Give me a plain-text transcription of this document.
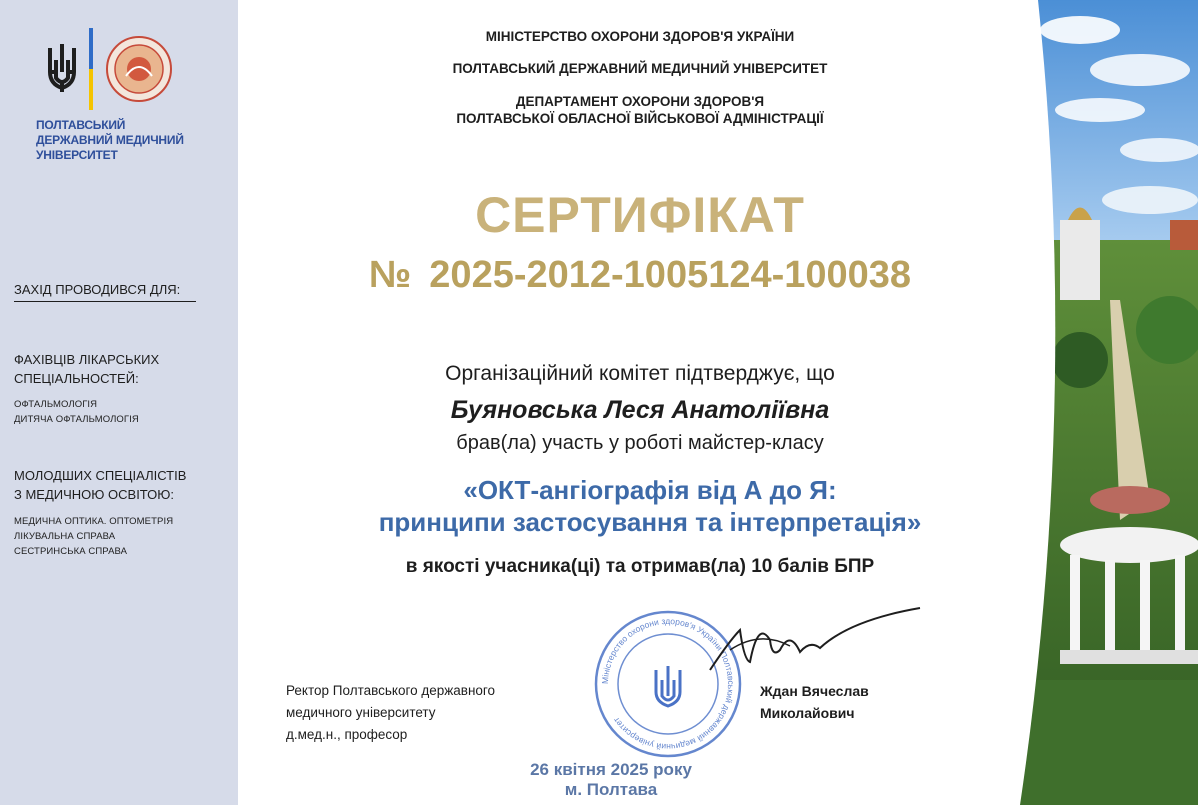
ПОЛТАВСЬКИЙ
ДЕРЖАВНИЙ МЕДИЧНИЙ
УНІВЕРСИТЕТ
ЗАХІД ПРОВОДИВСЯ ДЛЯ:
ФАХІВЦІВ ЛІКАРСЬКИХ
СПЕЦІАЛЬНОСТЕЙ:
ОФТАЛЬМОЛОГІЯ
ДИТЯЧА ОФТАЛЬМОЛОГІЯ
МОЛОДШИХ СПЕЦІАЛІСТІВ
З МЕДИЧНОЮ ОСВІТОЮ:
МЕДИЧНА ОПТИКА. ОПТОМЕТРІЯ
ЛІКУВАЛЬНА СПРАВА
СЕСТРИНСЬКА СПРАВА
МІНІСТЕРСТВО ОХОРОНИ ЗДОРОВ'Я УКРАЇНИ
ПОЛТАВСЬКИЙ ДЕРЖАВНИЙ МЕДИЧНИЙ УНІВЕРСИТЕТ
ДЕПАРТАМЕНТ ОХОРОНИ ЗДОРОВ'Я
ПОЛТАВСЬКОЇ ОБЛАСНОЇ ВІЙСЬКОВОЇ АДМІНІСТРАЦІЇ
СЕРТИФІКАТ
№ 2025-2012-1005124-100038
Організаційний комітет підтверджує, що
Буяновська Леся Анатоліївна
брав(ла) участь у роботі майстер-класу
«ОКТ-ангіографія від А до Я:
принципи застосування та інтерпретація»
в якості учасника(ці) та отримав(ла) 10 балів БПР
Міністерство охорони здоров'я України Полтавський державний медичний університет
Ректор Полтавського державного
медичного університету
д.мед.н., професор
Ждан Вячеслав
Миколайович
26 квітня 2025 року
м. Полтава
